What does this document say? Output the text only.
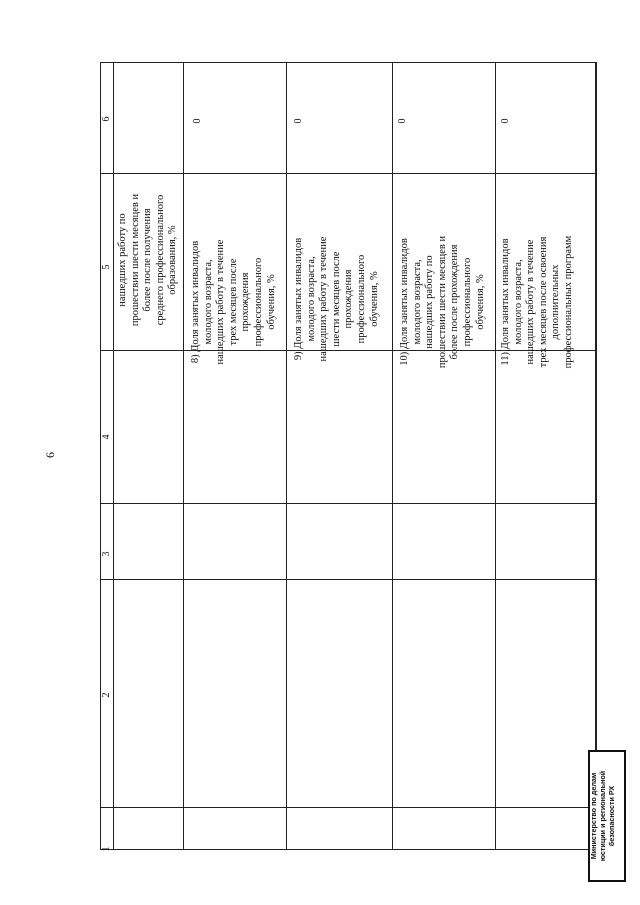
6
1
2
3
4
5
6
нашедших работу по
прошествии шести месяцев и
более после получения
среднего профессионального
образования, %
8) Доля занятых инвалидов
молодого возраста,
нашедших работу в течение
трех месяцев после
прохождения
профессионального
обучения, %
0
9) Доля занятых инвалидов
молодого возраста,
нашедших работу в течение
шести месяцев после
прохождения
профессионального
обучения, %
0
10) Доля занятых инвалидов
молодого возраста,
нашедших работу по
прошествии шести месяцев и
более после прохождения
профессионального
обучения, %
0
11) Доля занятых инвалидов
молодого возраста,
нашедших работу в течение
трех месяцев после освоения
дополнительных
профессиональных программ
0
Министерство по делам
юстиции и региональной
безопасности РХ
